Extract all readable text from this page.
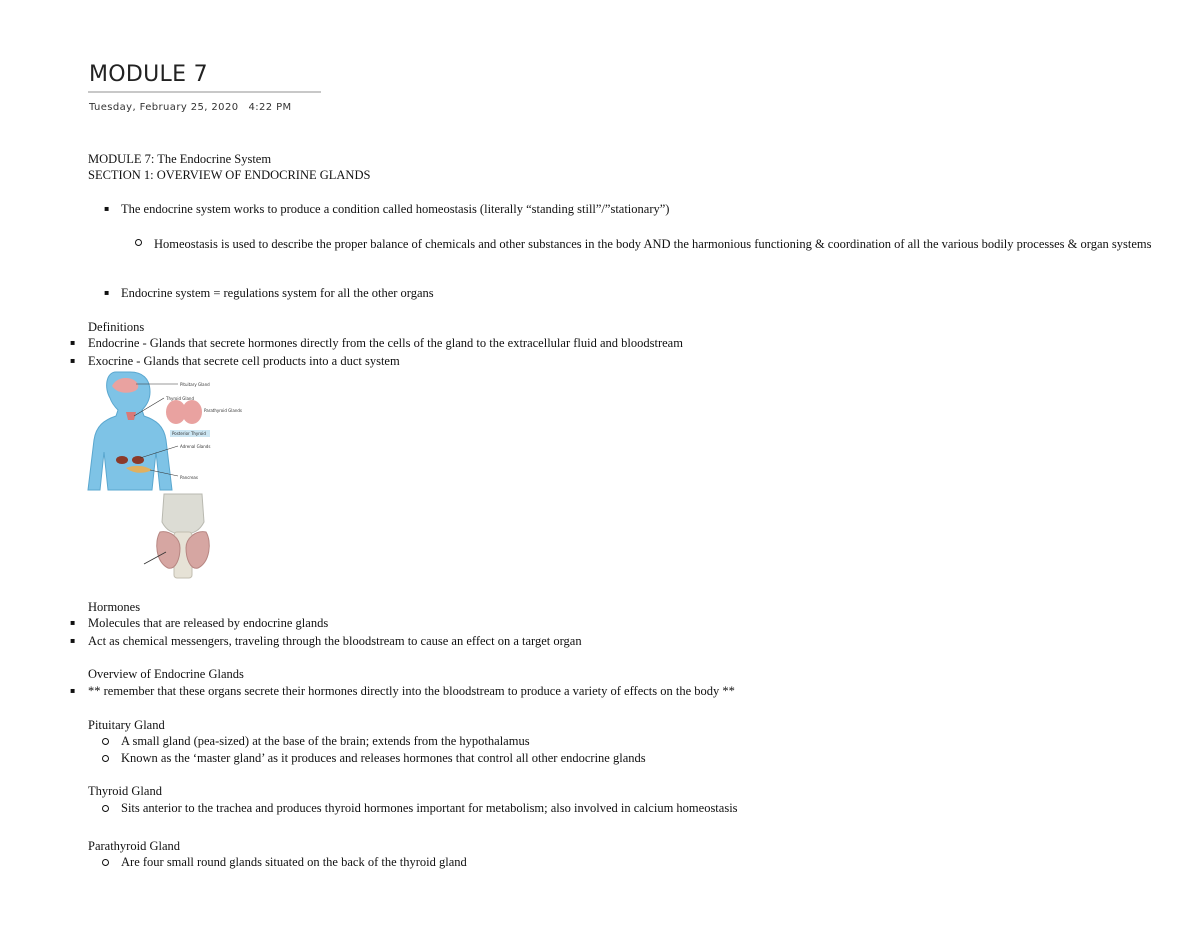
MODULE 7
Tuesday, February 25, 2020 4:22 PM
MODULE 7: The Endocrine System
SECTION 1: OVERVIEW OF ENDOCRINE GLANDS
▪ The endocrine system works to produce a condition called homeostasis (literally “standing still”/”stationary”)
Homeostasis is used to describe the proper balance of chemicals and other substances in the body AND the harmonious functioning & coordination of all the various bodily processes & organ systems
▪ Endocrine system = regulations system for all the other organs
Definitions
▪ Endocrine - Glands that secrete hormones directly from the cells of the gland to the extracellular fluid and bloodstream
▪ Exocrine - Glands that secrete cell products into a duct system
Pituitary Gland
Thyroid Gland
Parathyroid Glands
Posterior Thyroid
Adrenal Glands
Pancreas
Hormones
▪ Molecules that are released by endocrine glands
▪ Act as chemical messengers, traveling through the bloodstream to cause an effect on a target organ
Overview of Endocrine Glands
▪ ** remember that these organs secrete their hormones directly into the bloodstream to produce a variety of effects on the body **
Pituitary Gland
A small gland (pea-sized) at the base of the brain; extends from the hypothalamus
Known as the ‘master gland’ as it produces and releases hormones that control all other endocrine glands
Thyroid Gland
Sits anterior to the trachea and produces thyroid hormones important for metabolism; also involved in calcium homeostasis
Parathyroid Gland
Are four small round glands situated on the back of the thyroid gland
